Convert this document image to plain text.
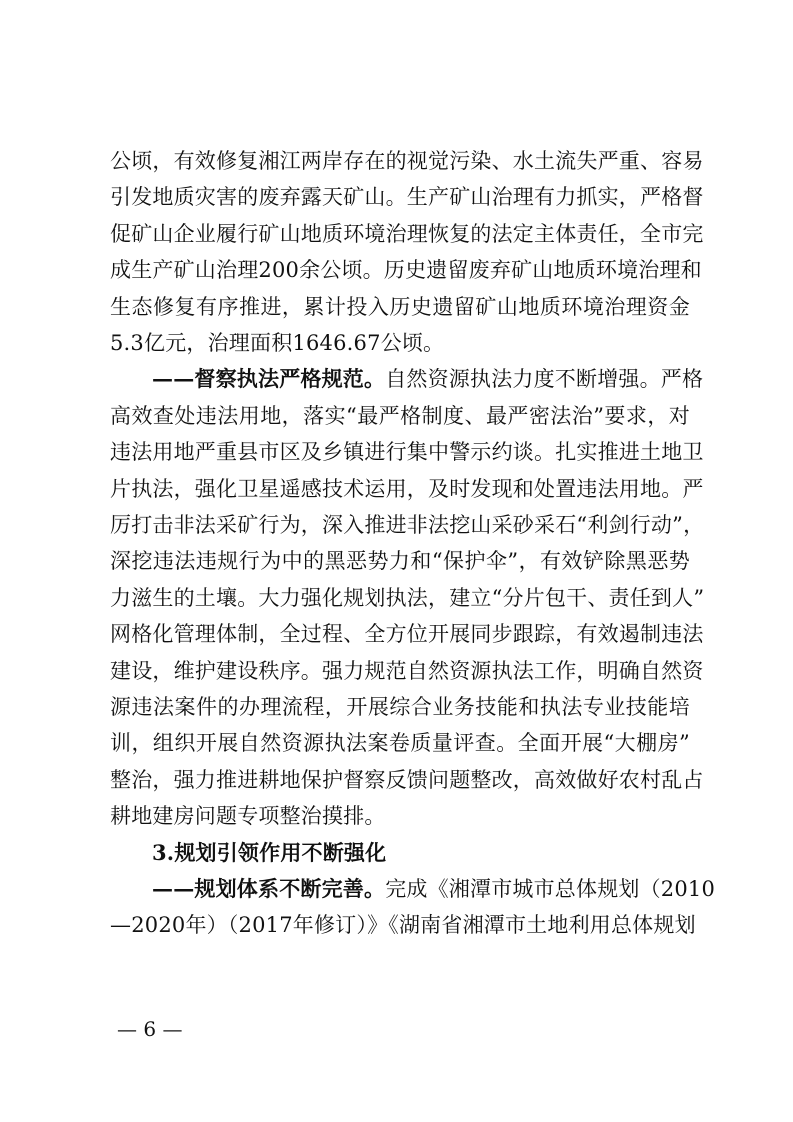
公顷，有效修复湘江两岸存在的视觉污染、水土流失严重、容易
引发地质灾害的废弃露天矿山。生产矿山治理有力抓实，严格督
促矿山企业履行矿山地质环境治理恢复的法定主体责任，全市完
成生产矿山治理200余公顷。历史遗留废弃矿山地质环境治理和
生态修复有序推进，累计投入历史遗留矿山地质环境治理资金
5.3亿元，治理面积1646.67公顷。
——督察执法严格规范。自然资源执法力度不断增强。严格
高效查处违法用地，落实“最严格制度、最严密法治”要求，对
违法用地严重县市区及乡镇进行集中警示约谈。扎实推进土地卫
片执法，强化卫星遥感技术运用，及时发现和处置违法用地。严
厉打击非法采矿行为，深入推进非法挖山采砂采石“利剑行动”，
深挖违法违规行为中的黑恶势力和“保护伞”，有效铲除黑恶势
力滋生的土壤。大力强化规划执法，建立“分片包干、责任到人”
网格化管理体制，全过程、全方位开展同步跟踪，有效遏制违法
建设，维护建设秩序。强力规范自然资源执法工作，明确自然资
源违法案件的办理流程，开展综合业务技能和执法专业技能培
训，组织开展自然资源执法案卷质量评查。全面开展“大棚房”
整治，强力推进耕地保护督察反馈问题整改，高效做好农村乱占
耕地建房问题专项整治摸排。
3.规划引领作用不断强化
——规划体系不断完善。完成《湘潭市城市总体规划（2010
—2020年）（2017年修订）》《湖南省湘潭市土地利用总体规划
— 6 —
